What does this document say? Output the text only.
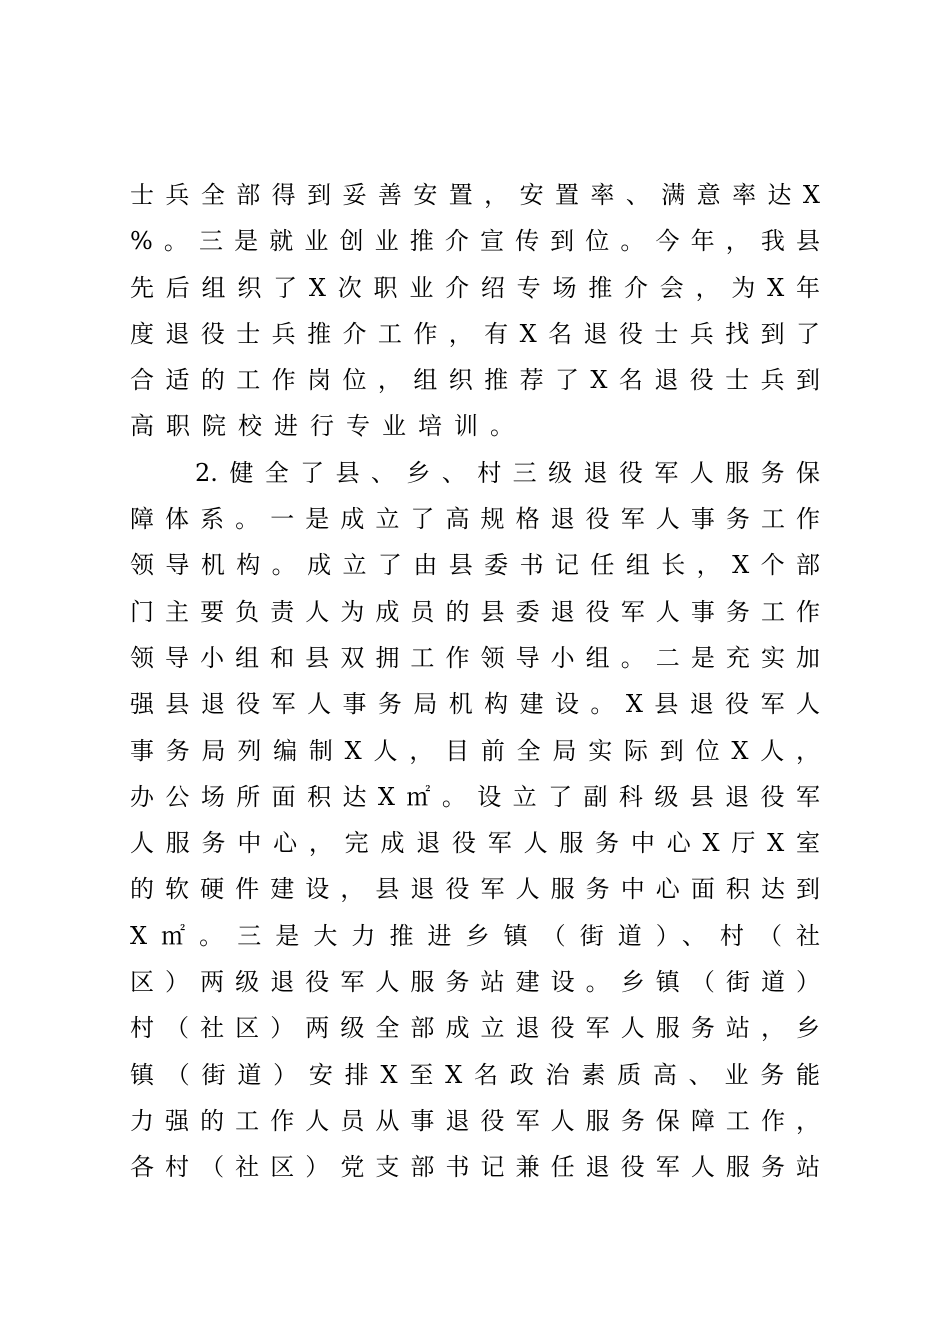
士兵全部得到妥善安置，安置率、满意率达X
%。三是就业创业推介宣传到位。今年，我县
先后组织了X次职业介绍专场推介会，为X年
度退役士兵推介工作，有X名退役士兵找到了
合适的工作岗位，组织推荐了X名退役士兵到
高职院校进行专业培训。
2.健全了县、乡、村三级退役军人服务保
障体系。一是成立了高规格退役军人事务工作
领导机构。成立了由县委书记任组长，X个部
门主要负责人为成员的县委退役军人事务工作
领导小组和县双拥工作领导小组。二是充实加
强县退役军人事务局机构建设。X县退役军人
事务局列编制X人，目前全局实际到位X人，
办公场所面积达X㎡。设立了副科级县退役军
人服务中心，完成退役军人服务中心X厅X室
的软硬件建设，县退役军人服务中心面积达到
X㎡。三是大力推进乡镇（街道）、村（社
区）两级退役军人服务站建设。乡镇（街道）
村（社区）两级全部成立退役军人服务站，乡
镇（街道）安排X至X名政治素质高、业务能
力强的工作人员从事退役军人服务保障工作，
各村（社区）党支部书记兼任退役军人服务站
